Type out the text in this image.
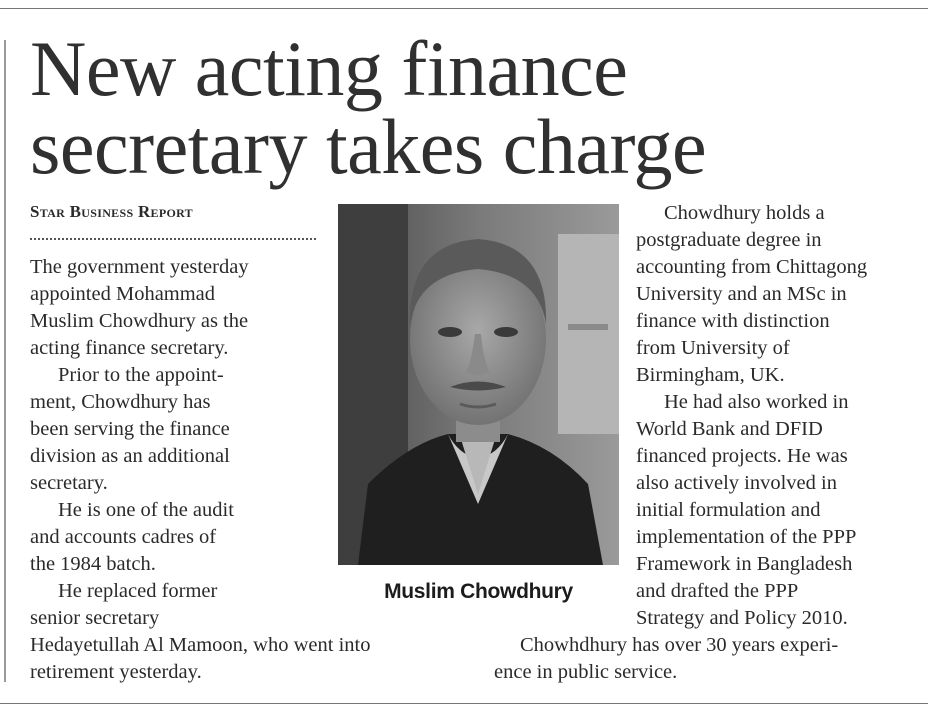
New acting finance
secretary takes charge
Star Business Report
The government yesterday
appointed Mohammad
Muslim Chowdhury as the
acting finance secretary.
Prior to the appoint-
ment, Chowdhury has
been serving the finance
division as an additional
secretary.
He is one of the audit
and accounts cadres of
the 1984 batch.
He replaced former
senior secretary
Hedayetullah Al Mamoon, who went into
retirement yesterday.
Muslim Chowdhury
Chowdhury holds a
postgraduate degree in
accounting from Chittagong
University and an MSc in
finance with distinction
from University of
Birmingham, UK.
He had also worked in
World Bank and DFID
financed projects. He was
also actively involved in
initial formulation and
implementation of the PPP
Framework in Bangladesh
and drafted the PPP
Strategy and Policy 2010.
Chowhdhury has over 30 years experi-
ence in public service.
